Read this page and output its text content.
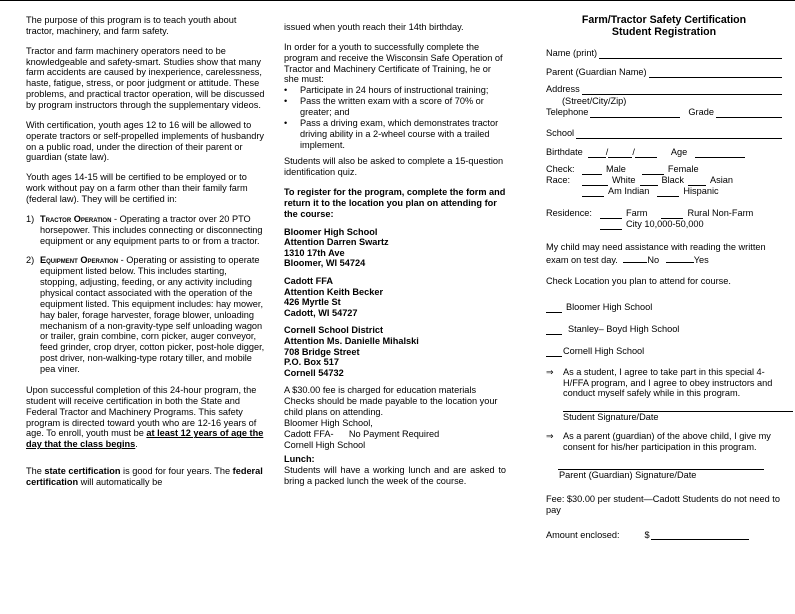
The purpose of this program is to teach youth about tractor, machinery, and farm safety.

Tractor and farm machinery operators need to be knowledgeable and safety-smart. Studies show that many farm accidents are caused by inexperience, carelessness, haste, fatigue, stress, or poor judgment or attitude. These problems, and practical tractor operation, will be discussed by program instructors through the supplementary videos.

With certification, youth ages 12 to 16 will be allowed to operate tractors or self-propelled implements of husbandry on a public road, under the direction of their parent or guardian (state law).

Youth ages 14-15 will be certified to be employed or to work without pay on a farm other than their family farm (federal law). They will be certified in:

1) Tractor Operation - Operating a tractor over 20 PTO horsepower. This includes connecting or disconnecting equipment or any equipment parts to or from a tractor.
2) Equipment Operation - Operating or assisting to operate equipment listed below. This includes starting, stopping, adjusting, feeding, or any activity including physical contact associated with the operation of the equipment listed. This equipment includes: hay mower, hay baler, forage harvester, forage blower, unloading mechanism of a non-gravity-type self unloading wagon or trailer, grain combine, corn picker, auger conveyor, feed grinder, crop dryer, cotton picker, post-hole digger, post driver, non-walking-type rotary tiller, and mobile pea viner.

Upon successful completion of this 24-hour program, the student will receive certification in both the State and Federal Tractor and Machinery Programs. This safety program is directed toward youth who are 12-16 years of age. To enroll, youth must be at least 12 years of age the day that the class begins.

The state certification is good for four years. The federal certification will automatically be

issued when youth reach their 14th birthday.

In order for a youth to successfully complete the program and receive the Wisconsin Safe Operation of Tractor and Machinery Certificate of Training, he or she must:

•	Participate in 24 hours of instructional training;
•	Pass the written exam with a score of 70% or greater; and
•	Pass a driving exam, which demonstrates tractor driving ability in a 2-wheel course with a trailed implement.

Students will also be asked to complete a 15-question identification quiz.

To register for the program, complete the form and return it to the location you plan on attending for the course:

Bloomer High School
Attention Darren Swartz
1310 17th Ave
Bloomer, WI 54724
Cadott FFA
Attention Keith Becker
426 Myrtle St
Cadott, WI 54727
Cornell School District
Attention Ms. Danielle Mihalski
708 Bridge Street
P.O. Box 517
Cornell 54732
A $30.00 fee is charged for education materials Checks should be made payable to the location your child plans on attending.
Bloomer High School,
Cadott FFA-      No Payment Required
Cornell High School
Lunch:
Students will have a working lunch and are asked to bring a packed lunch the week of the course.
Farm/Tractor Safety Certification
Student Registration
Name (print)
Parent (Guardian Name)
Address
(Street/City/Zip)
Telephone	Grade
School
Birthdate	/	/	Age
Check:	Male	Female
Race:	White	Black	Asian
Am Indian	Hispanic
Residence:	Farm	Rural Non-Farm
City 10,000-50,000
My child may need assistance with reading the written exam on test day.	No	Yes

Check Location you plan to attend for course.

Bloomer High School
Stanley– Boyd High School
Cornell High School
⇒	As a student, I agree to take part in this special 4-H/FFA program, and I agree to obey instructors and conduct myself safely while in this program.
Student Signature/Date
⇒	As a parent (guardian) of the above child, I give my consent for his/her participation in this program.
Parent (Guardian) Signature/Date

Fee: $30.00 per student—Cadott Students do not need to pay

Amount enclosed:	$
